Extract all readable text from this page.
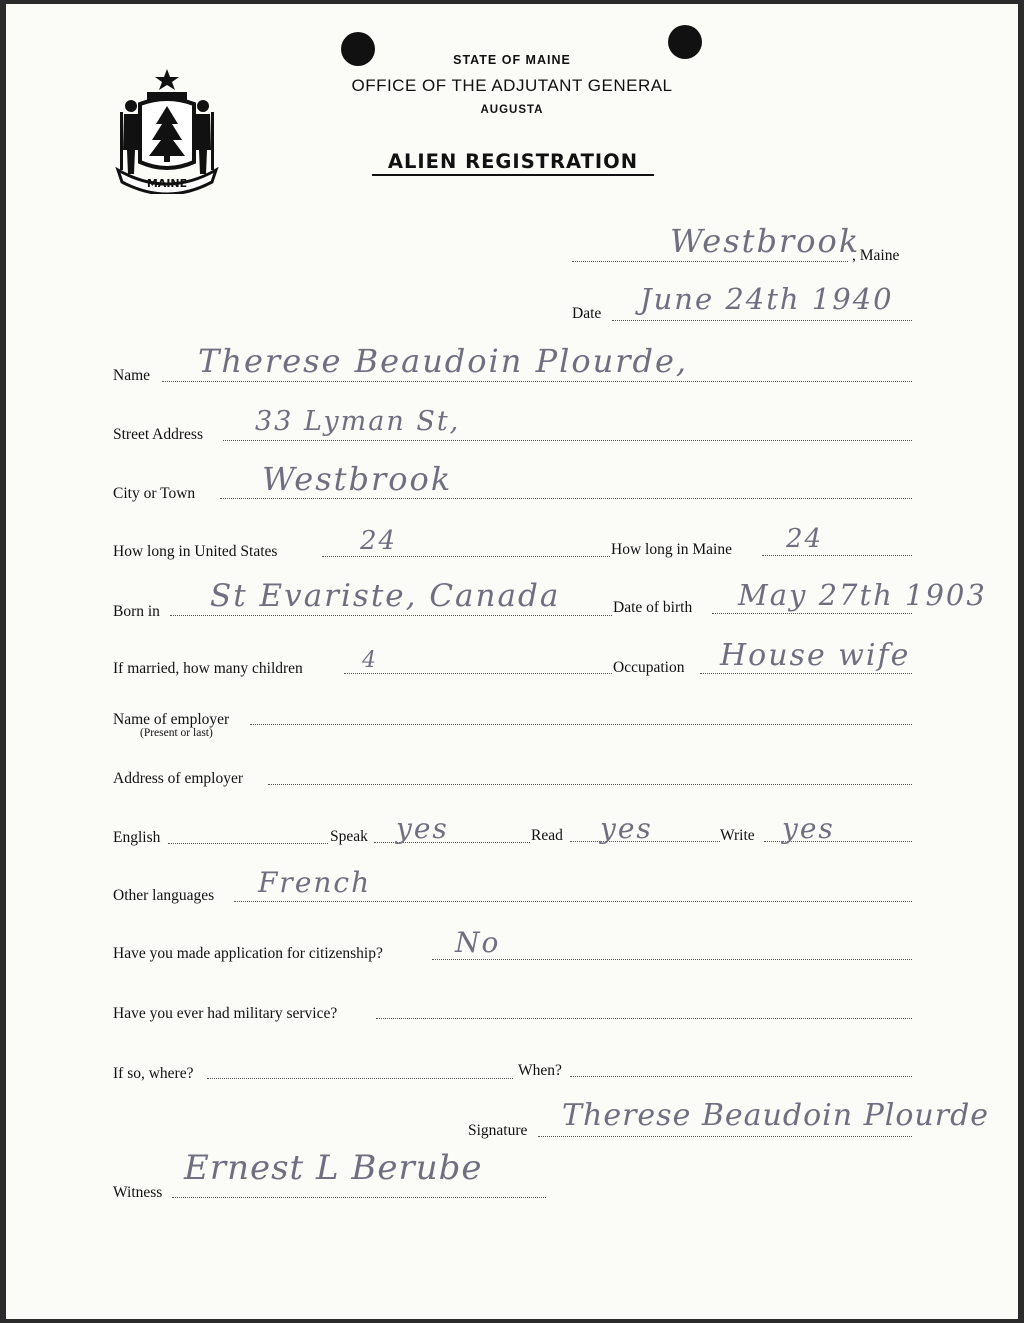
MAINE
STATE OF MAINE
OFFICE OF THE ADJUTANT GENERAL
AUGUSTA
ALIEN REGISTRATION
Westbrook
, Maine
Date June 24th 1940
Name Therese Beaudoin Plourde,
Street Address 33 Lyman St,
City or Town Westbrook
How long in United States	24	How long in Maine 24
Born in St Evariste, Canada	Date of birth May 27th 1903
If married, how many children	4	Occupation House wife
Name of employer
(Present or last)
Address of employer
English	Speak yes	Read yes	Write yes
Other languages French
Have you made application for citizenship?	No
Have you ever had military service?
If so, where?	When?
Signature Therese Beaudoin Plourde
Witness
Ernest L Berube
